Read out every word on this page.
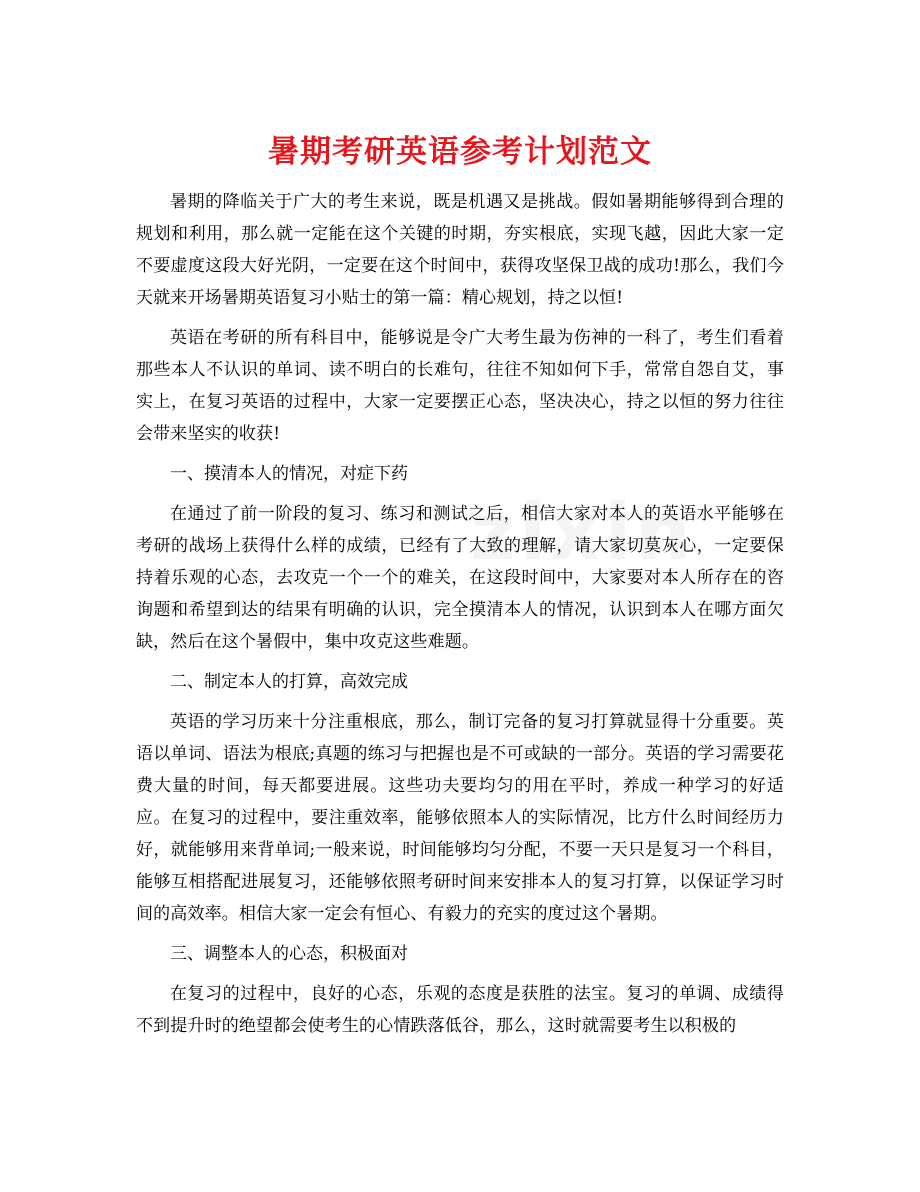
暑期考研英语参考计划范文

暑期的降临关于广大的考生来说，既是机遇又是挑战。假如暑期能够得到合理的规划和利用，那么就一定能在这个关键的时期，夯实根底，实现飞越，因此大家一定不要虚度这段大好光阴，一定要在这个时间中，获得攻坚保卫战的成功!那么，我们今天就来开场暑期英语复习小贴士的第一篇：精心规划，持之以恒!

英语在考研的所有科目中，能够说是令广大考生最为伤神的一科了，考生们看着那些本人不认识的单词、读不明白的长难句，往往不知如何下手，常常自怨自艾，事实上，在复习英语的过程中，大家一定要摆正心态，坚决决心，持之以恒的努力往往会带来坚实的收获!

一、摸清本人的情况，对症下药

在通过了前一阶段的复习、练习和测试之后，相信大家对本人的英语水平能够在考研的战场上获得什么样的成绩，已经有了大致的理解，请大家切莫灰心，一定要保持着乐观的心态，去攻克一个一个的难关，在这段时间中，大家要对本人所存在的咨询题和希望到达的结果有明确的认识，完全摸清本人的情况，认识到本人在哪方面欠缺，然后在这个暑假中，集中攻克这些难题。

二、制定本人的打算，高效完成

英语的学习历来十分注重根底，那么，制订完备的复习打算就显得十分重要。英语以单词、语法为根底;真题的练习与把握也是不可或缺的一部分。英语的学习需要花费大量的时间，每天都要进展。这些功夫要均匀的用在平时，养成一种学习的好适应。在复习的过程中，要注重效率，能够依照本人的实际情况，比方什么时间经历力好，就能够用来背单词;一般来说，时间能够均匀分配，不要一天只是复习一个科目，能够互相搭配进展复习，还能够依照考研时间来安排本人的复习打算，以保证学习时间的高效率。相信大家一定会有恒心、有毅力的充实的度过这个暑期。

三、调整本人的心态，积极面对

在复习的过程中，良好的心态，乐观的态度是获胜的法宝。复习的单调、成绩得不到提升时的绝望都会使考生的心情跌落低谷，那么，这时就需要考生以积极的
